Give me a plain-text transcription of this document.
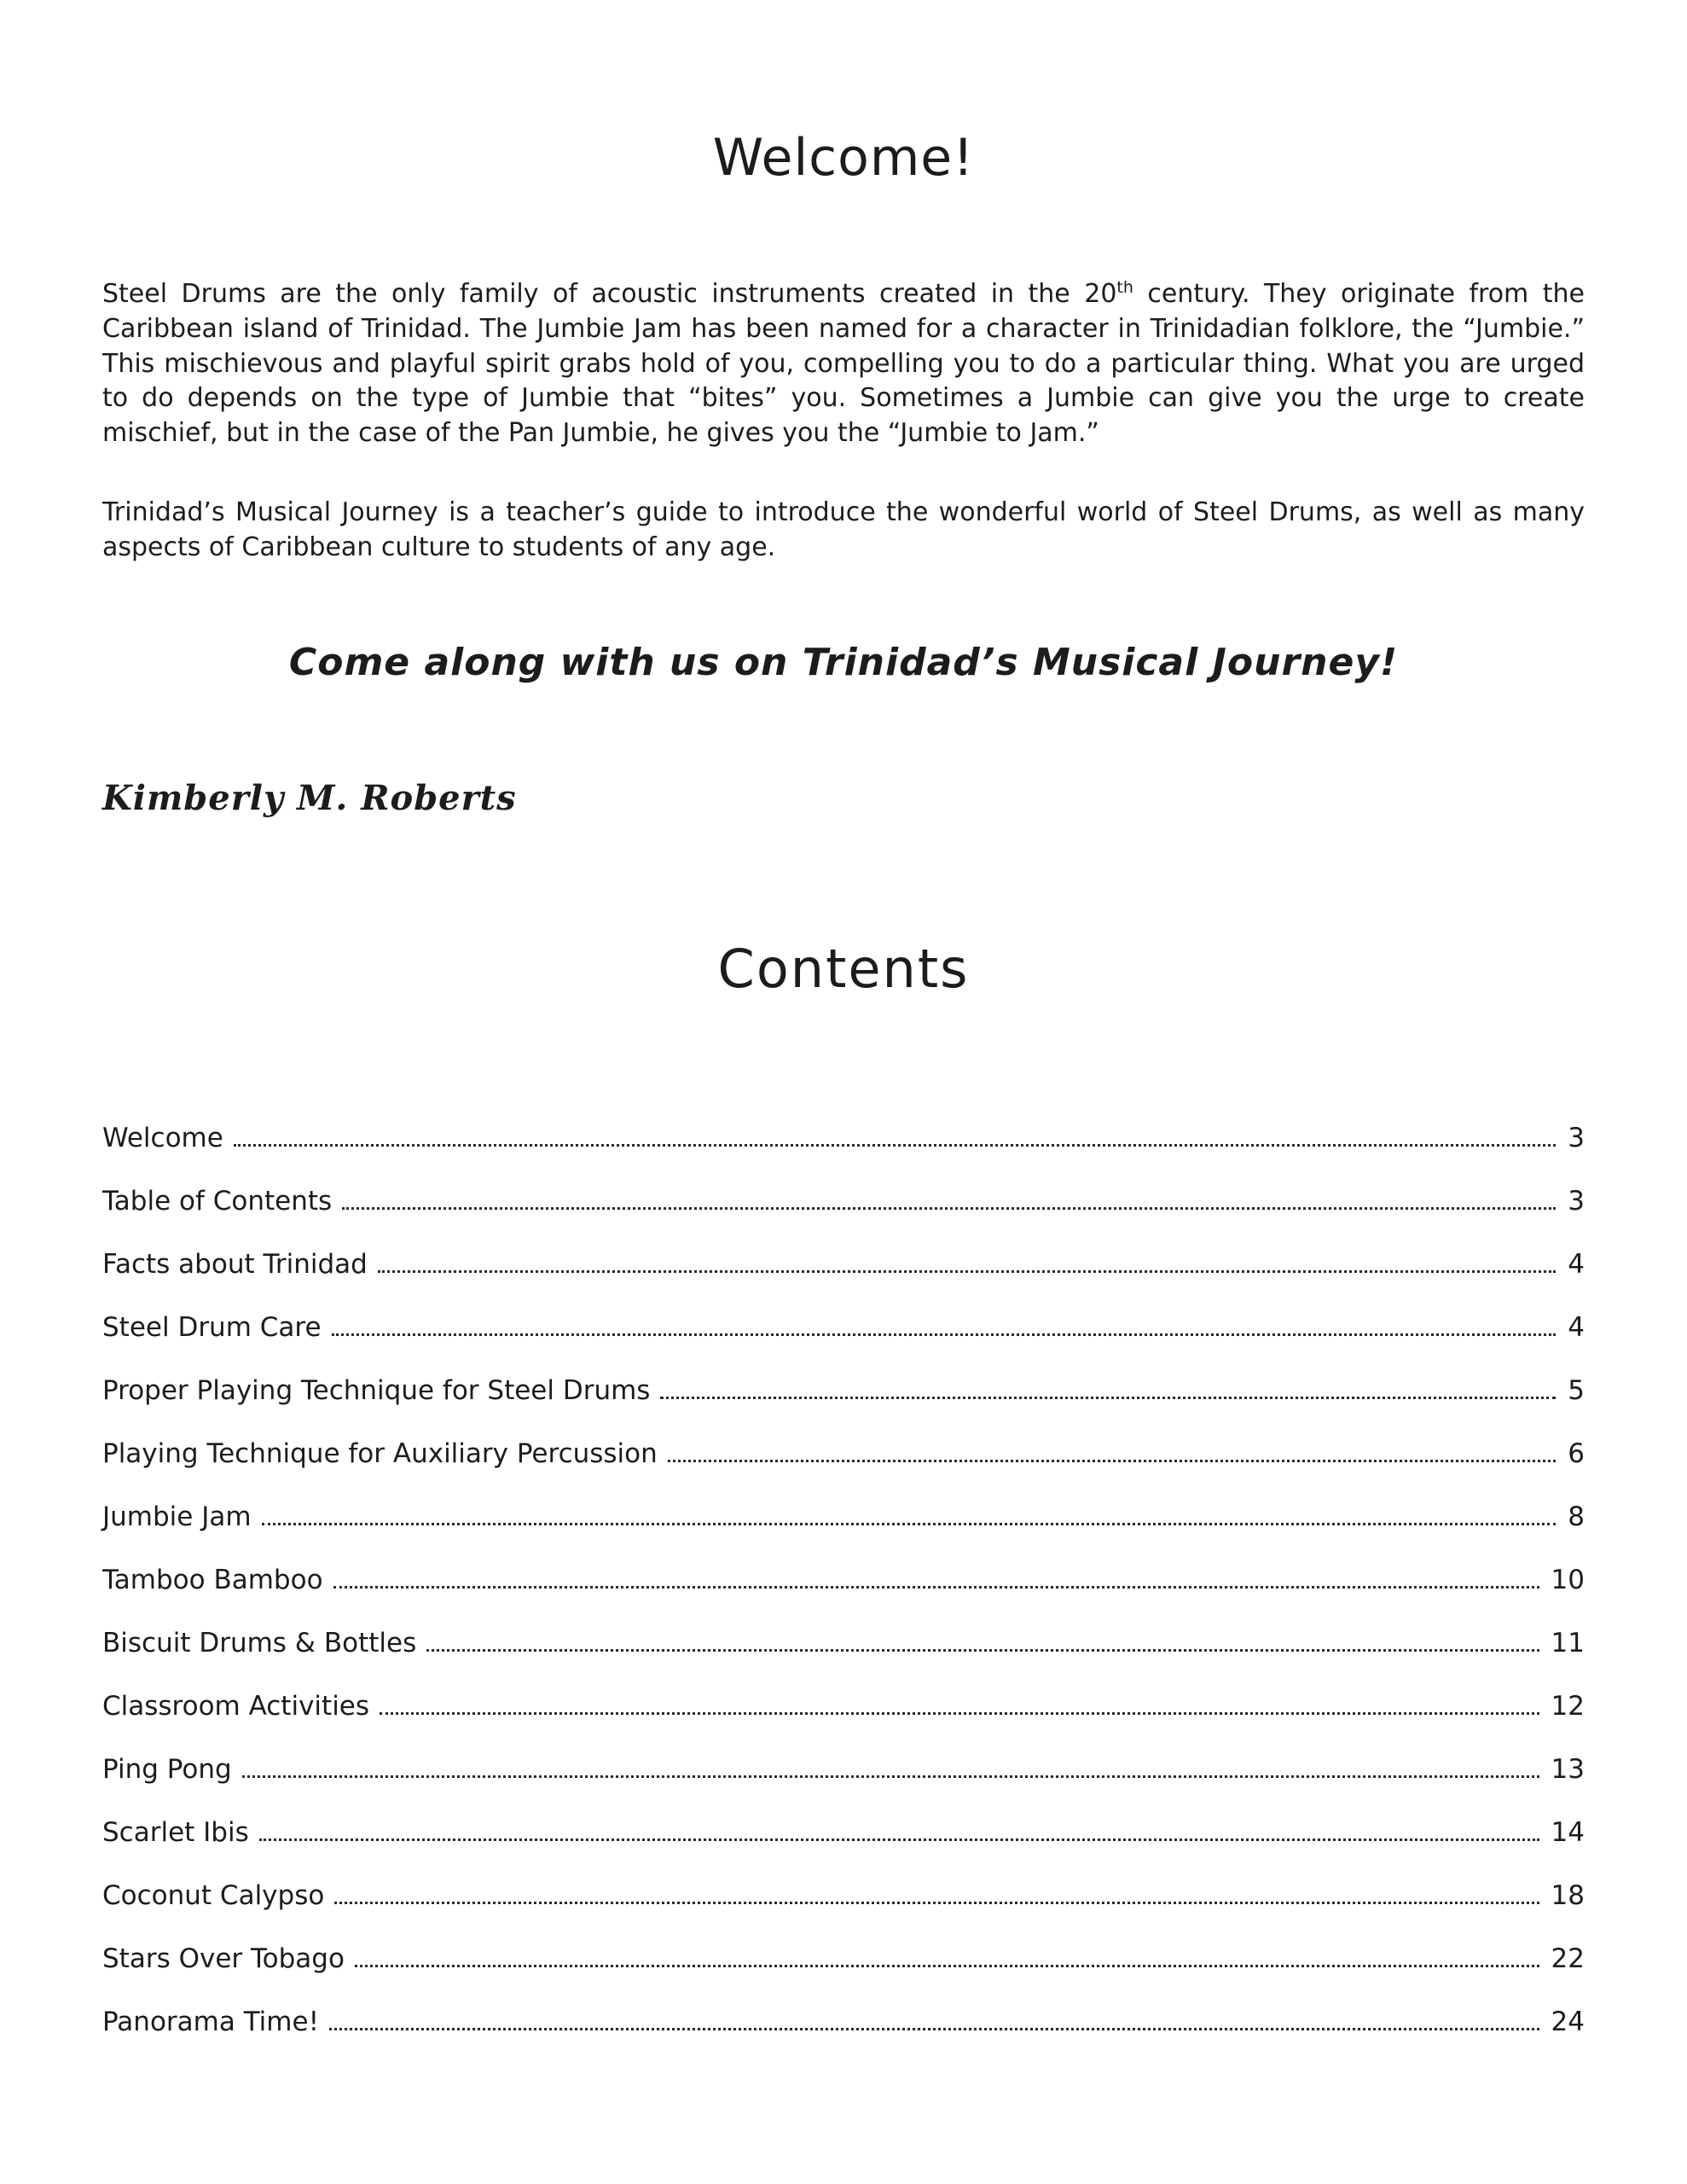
Welcome!

Steel Drums are the only family of acoustic instruments created in the 20th century. They originate from the Caribbean island of Trinidad. The Jumbie Jam has been named for a character in Trinidadian folklore, the “Jumbie.” This mischievous and playful spirit grabs hold of you, compelling you to do a particular thing. What you are urged to do depends on the type of Jumbie that “bites” you. Sometimes a Jumbie can give you the urge to create mischief, but in the case of the Pan Jumbie, he gives you the “Jumbie to Jam.”

Trinidad’s Musical Journey is a teacher’s guide to introduce the wonderful world of Steel Drums, as well as many aspects of Caribbean culture to students of any age.

Come along with us on Trinidad’s Musical Journey!
Kimberly M. Roberts
Contents
Welcome	3
Table of Contents	3
Facts about Trinidad	4
Steel Drum Care	4
Proper Playing Technique for Steel Drums	5
Playing Technique for Auxiliary Percussion	6
Jumbie Jam	8
Tamboo Bamboo	10
Biscuit Drums & Bottles	11
Classroom Activities	12
Ping Pong	13
Scarlet Ibis	14
Coconut Calypso	18
Stars Over Tobago	22
Panorama Time!	24
